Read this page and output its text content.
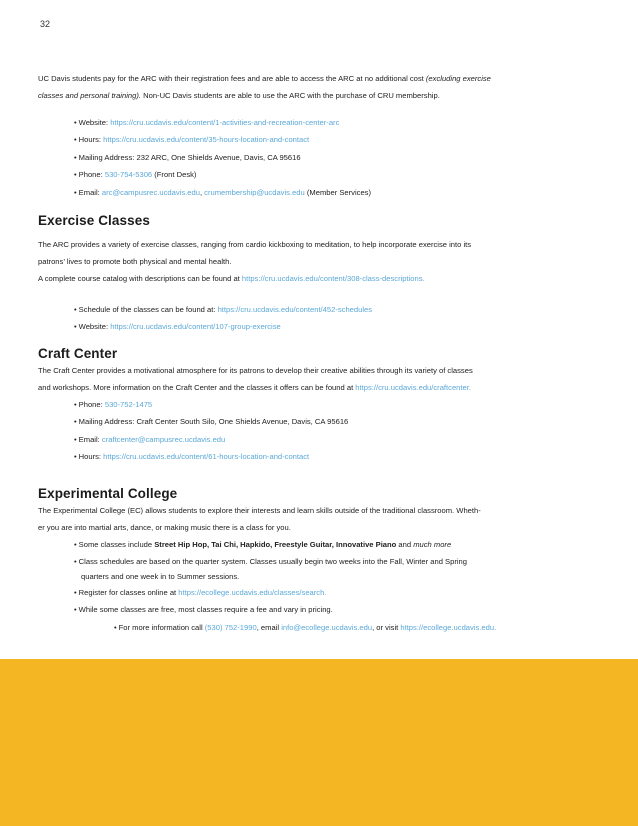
32

UC Davis students pay for the ARC with their registration fees and are able to access the ARC at no additional cost (excluding exercise

classes and personal training). Non-UC Davis students are able to use the ARC with the purchase of CRU membership.

• Website: https://cru.ucdavis.edu/content/1-activities-and-recreation-center-arc
• Hours: https://cru.ucdavis.edu/content/35-hours-location-and-contact
• Mailing Address: 232 ARC, One Shields Avenue, Davis, CA 95616
• Phone: 530-754-5306 (Front Desk)
• Email: arc@campusrec.ucdavis.edu, crumembership@ucdavis.edu (Member Services)
Exercise Classes

The ARC provides a variety of exercise classes, ranging from cardio kickboxing to meditation, to help incorporate exercise into its

patrons’ lives to promote both physical and mental health.

A complete course catalog with descriptions can be found at https://cru.ucdavis.edu/content/308-class-descriptions.

• Schedule of the classes can be found at: https://cru.ucdavis.edu/content/452-schedules
• Website: https://cru.ucdavis.edu/content/107-group-exercise
Craft Center

The Craft Center provides a motivational atmosphere for its patrons to develop their creative abilities through its variety of classes

and workshops. More information on the Craft Center and the classes it offers can be found at https://cru.ucdavis.edu/craftcenter.

• Phone: 530-752-1475
• Mailing Address: Craft Center South Silo, One Shields Avenue, Davis, CA 95616
• Email: craftcenter@campusrec.ucdavis.edu
• Hours: https://cru.ucdavis.edu/content/61-hours-location-and-contact
Experimental College

The Experimental College (EC) allows students to explore their interests and learn skills outside of the traditional classroom. Wheth-

er you are into martial arts, dance, or making music there is a class for you.

• Some classes include Street Hip Hop, Tai Chi, Hapkido, Freestyle Guitar, Innovative Piano and much more
• Class schedules are based on the quarter system. Classes usually begin two weeks into the Fall, Winter and Spring
quarters and one week in to Summer sessions.
• Register for classes online at https://ecollege.ucdavis.edu/classes/search.
• While some classes are free, most classes require a fee and vary in pricing.
• For more information call (530) 752-1990, email info@ecollege.ucdavis.edu, or visit https://ecollege.ucdavis.edu.
